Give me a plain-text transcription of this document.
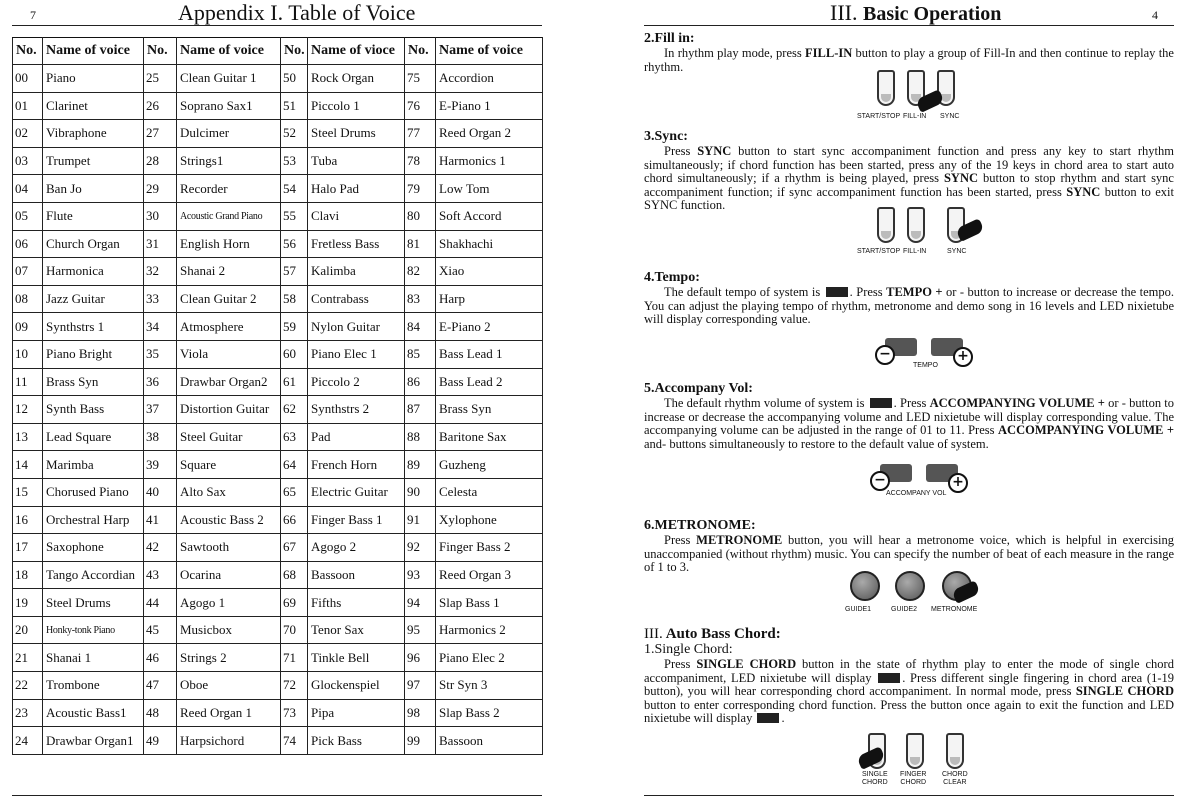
7	Appendix I. Table of Voice
No.	Name of voice	No.	Name of voice	No.	Name of vioce	No.	Name of voice
00	Piano	25	Clean Guitar 1	50	Rock Organ	75	Accordion
01	Clarinet	26	Soprano Sax1	51	Piccolo 1	76	E-Piano 1
02	Vibraphone	27	Dulcimer	52	Steel Drums	77	Reed Organ 2
03	Trumpet	28	Strings1	53	Tuba	78	Harmonics 1
04	Ban Jo	29	Recorder	54	Halo Pad	79	Low Tom
05	Flute	30	Acoustic Grand Piano	55	Clavi	80	Soft Accord
06	Church Organ	31	English Horn	56	Fretless Bass	81	Shakhachi
07	Harmonica	32	Shanai 2	57	Kalimba	82	Xiao
08	Jazz Guitar	33	Clean Guitar 2	58	Contrabass	83	Harp
09	Synthstrs 1	34	Atmosphere	59	Nylon Guitar	84	E-Piano 2
10	Piano Bright	35	Viola	60	Piano Elec 1	85	Bass Lead 1
11	Brass Syn	36	Drawbar Organ2	61	Piccolo 2	86	Bass Lead 2
12	Synth Bass	37	Distortion Guitar	62	Synthstrs 2	87	Brass Syn
13	Lead Square	38	Steel Guitar	63	Pad	88	Baritone Sax
14	Marimba	39	Square	64	French Horn	89	Guzheng
15	Chorused Piano	40	Alto Sax	65	Electric Guitar	90	Celesta
16	Orchestral Harp	41	Acoustic Bass 2	66	Finger Bass 1	91	Xylophone
17	Saxophone	42	Sawtooth	67	Agogo 2	92	Finger Bass 2
18	Tango Accordian	43	Ocarina	68	Bassoon	93	Reed Organ 3
19	Steel Drums	44	Agogo 1	69	Fifths	94	Slap Bass 1
20	Honky-tonk Piano	45	Musicbox	70	Tenor Sax	95	Harmonics 2
21	Shanai 1	46	Strings 2	71	Tinkle Bell	96	Piano Elec 2
22	Trombone	47	Oboe	72	Glockenspiel	97	Str Syn 3
23	Acoustic Bass1	48	Reed Organ 1	73	Pipa	98	Slap Bass 2
24	Drawbar Organ1	49	Harpsichord	74	Pick Bass	99	Bassoon
III. Basic Operation	4
2.Fill in:
In rhythm play mode, press FILL-IN button to play a group of Fill-In and then continue to replay the rhythm.
START/STOP FILL-IN SYNC
3.Sync:
Press SYNC button to start sync accompaniment function and press any key to start rhythm simultaneously; if chord function has been started, press any of the 19 keys in chord area to start auto chord simultaneously; if a rhythm is being played, press SYNC button to stop rhythm and start sync accompaniment function; if sync accompaniment function has been started, press SYNC button to exit SYNC function.
START/STOP FILL-IN	SYNC
4.Tempo:
The default tempo of system is . Press TEMPO + or - button to increase or decrease the tempo. You can adjust the playing tempo of rhythm, metronome and demo song in 16 levels and LED nixietube will display corresponding value.
−	+
TEMPO
5.Accompany Vol:
The default rhythm volume of system is . Press ACCOMPANYING VOLUME + or - button to increase or decrease the accompanying volume and LED nixietube will display corresponding value. The accompanying volume can be adjusted in the range of 01 to 11. Press ACCOMPANYING VOLUME + and- buttons simultaneously to restore to the default value of system.
−	+
ACCOMPANY VOL
6.METRONOME:
Press METRONOME button, you will hear a metronome voice, which is helpful in exercising unaccompanied (without rhythm) music. You can specify the number of beat of each measure in the range of 1 to 3.
GUIDE1	GUIDE2 METRONOME
III. Auto Bass Chord:
1.Single Chord:
Press SINGLE CHORD button in the state of rhythm play to enter the mode of single chord accompaniment, LED nixietube will display . Press different single fingering in chord area (1-19 button), you will hear corresponding chord accompaniment. In normal mode, press SINGLE CHORD button to enter corresponding chord function. Press the button once again to exit the function and LED nixietube will display .
SINGLE
CHORD
FINGER
CHORD
CHORD
CLEAR
